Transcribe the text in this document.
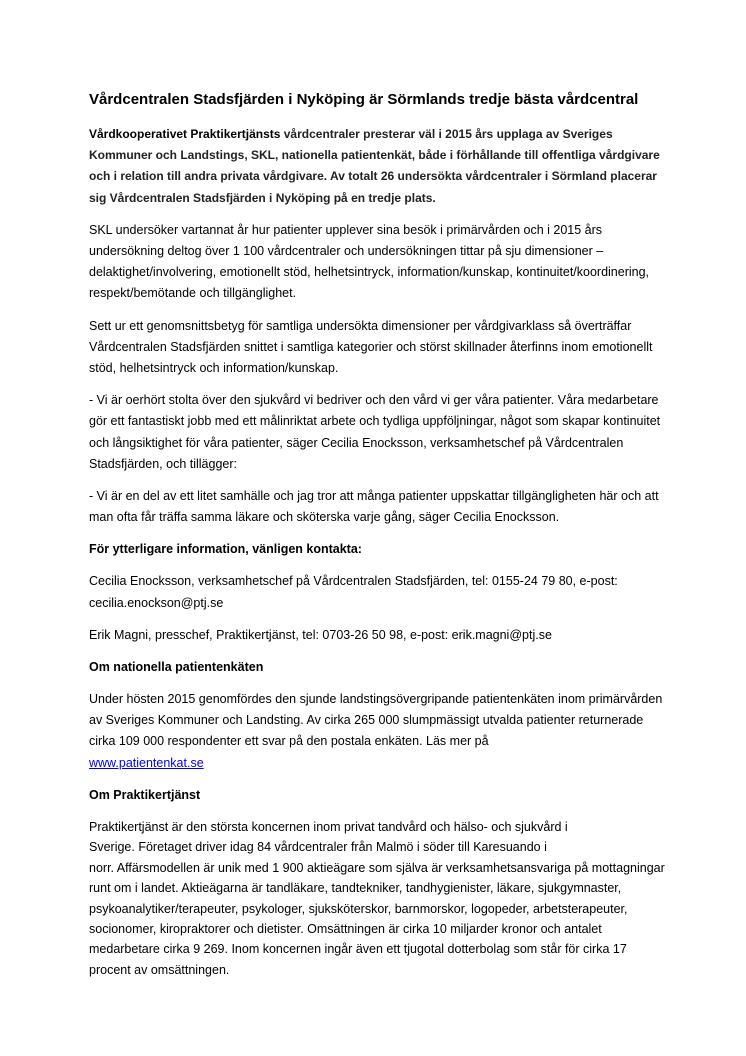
Vårdcentralen Stadsfjärden i Nyköping är Sörmlands tredje bästa vårdcentral

Vårdkooperativet Praktikertjänsts vårdcentraler presterar väl i 2015 års upplaga av Sveriges Kommuner och Landstings, SKL, nationella patientenkät, både i förhållande till offentliga vårdgivare och i relation till andra privata vårdgivare. Av totalt 26 undersökta vårdcentraler i Sörmland placerar sig Vårdcentralen Stadsfjärden i Nyköping på en tredje plats.

SKL undersöker vartannat år hur patienter upplever sina besök i primärvården och i 2015 års undersökning deltog över 1 100 vårdcentraler och undersökningen tittar på sju dimensioner – delaktighet/involvering, emotionellt stöd, helhetsintryck, information/kunskap, kontinuitet/koordinering, respekt/bemötande och tillgänglighet.

Sett ur ett genomsnittsbetyg för samtliga undersökta dimensioner per vårdgivarklass så överträffar Vårdcentralen Stadsfjärden snittet i samtliga kategorier och störst skillnader återfinns inom emotionellt stöd, helhetsintryck och information/kunskap.

- Vi är oerhört stolta över den sjukvård vi bedriver och den vård vi ger våra patienter. Våra medarbetare gör ett fantastiskt jobb med ett målinriktat arbete och tydliga uppföljningar, något som skapar kontinuitet och långsiktighet för våra patienter, säger Cecilia Enocksson, verksamhetschef på Vårdcentralen Stadsfjärden, och tillägger:

- Vi är en del av ett litet samhälle och jag tror att många patienter uppskattar tillgängligheten här och att man ofta får träffa samma läkare och sköterska varje gång, säger Cecilia Enocksson.

För ytterligare information, vänligen kontakta:

Cecilia Enocksson, verksamhetschef på Vårdcentralen Stadsfjärden, tel: 0155-24 79 80, e-post: cecilia.enockson@ptj.se

Erik Magni, presschef, Praktikertjänst, tel: 0703-26 50 98, e-post: erik.magni@ptj.se

Om nationella patientenkäten

Under hösten 2015 genomfördes den sjunde landstingsövergripande patientenkäten inom primärvården av Sveriges Kommuner och Landsting. Av cirka 265 000 slumpmässigt utvalda patienter returnerade cirka 109 000 respondenter ett svar på den postala enkäten. Läs mer på
www.patientenkat.se

Om Praktikertjänst

Praktikertjänst är den största koncernen inom privat tandvård och hälso- och sjukvård i
Sverige. Företaget driver idag 84 vårdcentraler från Malmö i söder till Karesuando i
norr. Affärsmodellen är unik med 1 900 aktieägare som själva är verksamhetsansvariga på mottagningar runt om i landet. Aktieägarna är tandläkare, tandtekniker, tandhygienister, läkare, sjukgymnaster, psykoanalytiker/terapeuter, psykologer, sjuksköterskor, barnmorskor, logopeder, arbetsterapeuter, socionomer, kiropraktorer och dietister. Omsättningen är cirka 10 miljarder kronor och antalet medarbetare cirka 9 269. Inom koncernen ingår även ett tjugotal dotterbolag som står för cirka 17 procent av omsättningen.
